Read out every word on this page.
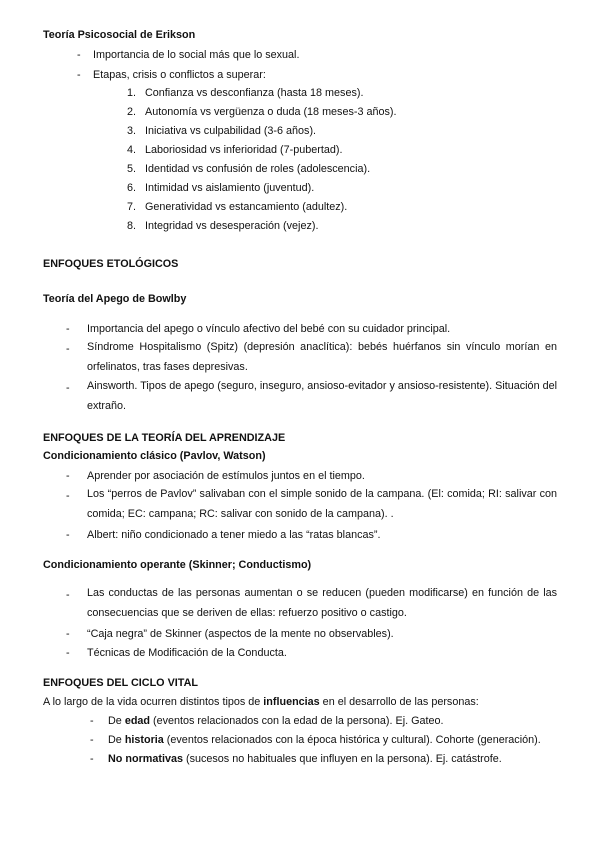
Teoría Psicosocial de Erikson
- Importancia de lo social más que lo sexual.
- Etapas, crisis o conflictos a superar:
1. Confianza vs desconfianza (hasta 18 meses).
2. Autonomía vs vergüenza o duda (18 meses-3 años).
3. Iniciativa vs culpabilidad (3-6 años).
4. Laboriosidad vs inferioridad (7-pubertad).
5. Identidad vs confusión de roles (adolescencia).
6. Intimidad vs aislamiento (juventud).
7. Generatividad vs estancamiento (adultez).
8. Integridad vs desesperación (vejez).
ENFOQUES ETOLÓGICOS
Teoría del Apego de Bowlby
- Importancia del apego o vínculo afectivo del bebé con su cuidador principal.
- Síndrome Hospitalismo (Spitz) (depresión anaclítica): bebés huérfanos sin vínculo morían en orfelinatos, tras fases depresivas.
- Ainsworth. Tipos de apego (seguro, inseguro, ansioso-evitador y ansioso-resistente). Situación del extraño.
ENFOQUES DE LA TEORÍA DEL APRENDIZAJE
Condicionamiento clásico (Pavlov, Watson)
- Aprender por asociación de estímulos juntos en el tiempo.
- Los “perros de Pavlov” salivaban con el simple sonido de la campana. (El: comida; RI: salivar con comida; EC: campana; RC: salivar con sonido de la campana). .
- Albert: niño condicionado a tener miedo a las “ratas blancas”.
Condicionamiento operante (Skinner; Conductismo)
- Las conductas de las personas aumentan o se reducen (pueden modificarse) en función de las consecuencias que se deriven de ellas: refuerzo positivo o castigo.
- “Caja negra” de Skinner (aspectos de la mente no observables).
- Técnicas de Modificación de la Conducta.
ENFOQUES DEL CICLO VITAL
A lo largo de la vida ocurren distintos tipos de influencias en el desarrollo de las personas:
- De edad (eventos relacionados con la edad de la persona). Ej. Gateo.
- De historia (eventos relacionados con la época histórica y cultural). Cohorte (generación).
- No normativas (sucesos no habituales que influyen en la persona). Ej. catástrofe.
